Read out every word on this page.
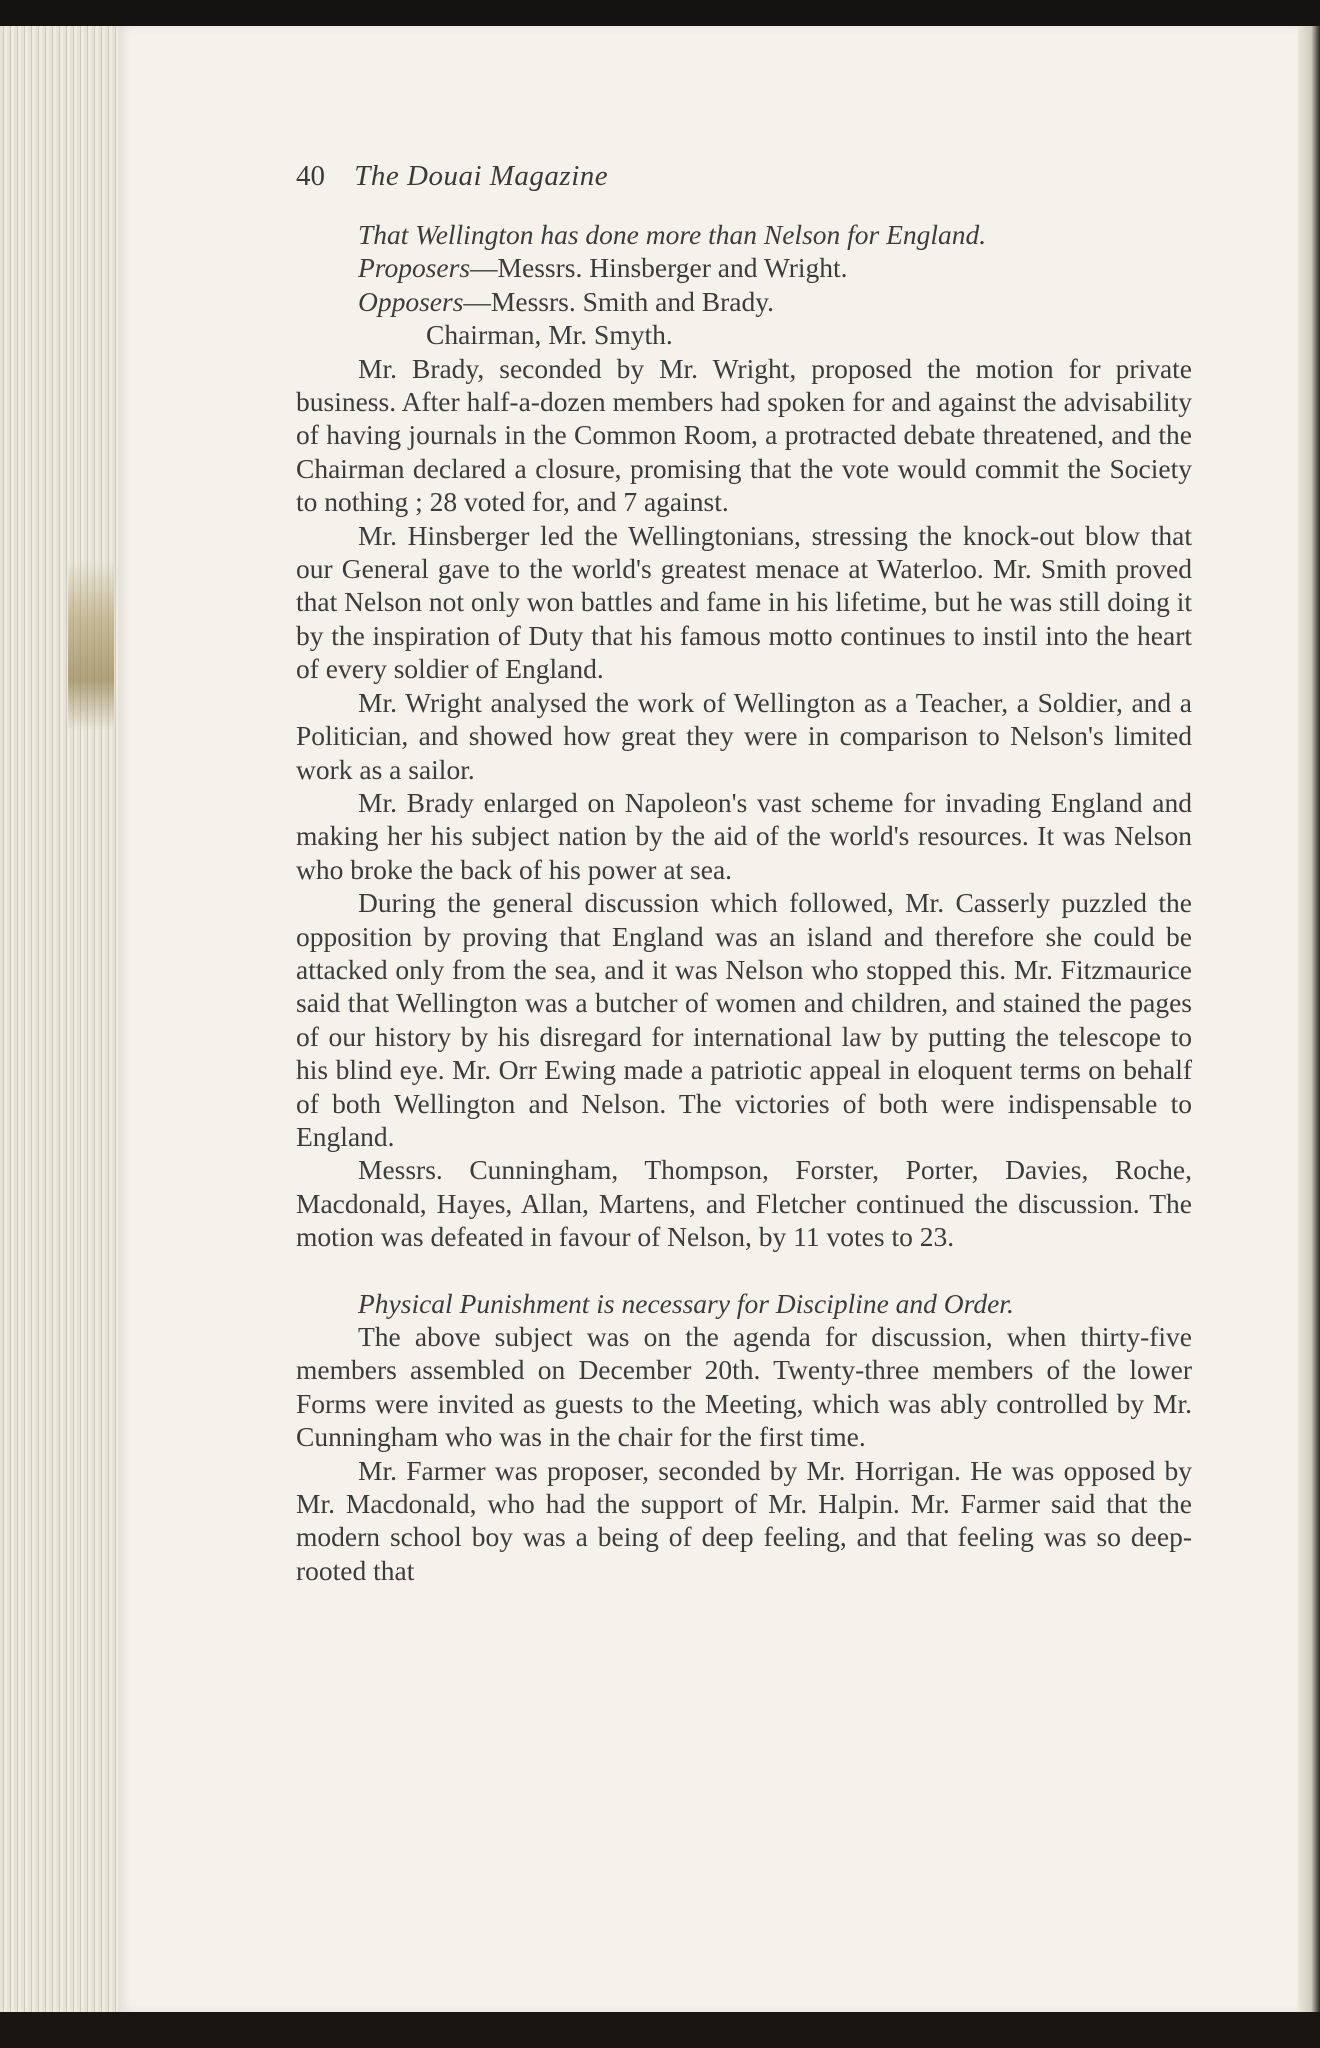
40 The Douai Magazine
That Wellington has done more than Nelson for England.
Proposers—Messrs. Hinsberger and Wright.
Opposers—Messrs. Smith and Brady.
Chairman, Mr. Smyth.

Mr. Brady, seconded by Mr. Wright, proposed the motion for private business. After half-a-dozen members had spoken for and against the advisability of having journals in the Common Room, a protracted debate threatened, and the Chairman declared a closure, promising that the vote would commit the Society to nothing ; 28 voted for, and 7 against.

Mr. Hinsberger led the Wellingtonians, stressing the knock-out blow that our General gave to the world's greatest menace at Waterloo. Mr. Smith proved that Nelson not only won battles and fame in his lifetime, but he was still doing it by the inspiration of Duty that his famous motto continues to instil into the heart of every soldier of England.

Mr. Wright analysed the work of Wellington as a Teacher, a Soldier, and a Politician, and showed how great they were in comparison to Nelson's limited work as a sailor.

Mr. Brady enlarged on Napoleon's vast scheme for invading England and making her his subject nation by the aid of the world's resources. It was Nelson who broke the back of his power at sea.

During the general discussion which followed, Mr. Casserly puzzled the opposition by proving that England was an island and therefore she could be attacked only from the sea, and it was Nelson who stopped this. Mr. Fitzmaurice said that Wellington was a butcher of women and children, and stained the pages of our history by his disregard for international law by putting the telescope to his blind eye. Mr. Orr Ewing made a patriotic appeal in eloquent terms on behalf of both Wellington and Nelson. The victories of both were indispensable to England.

Messrs. Cunningham, Thompson, Forster, Porter, Davies, Roche, Macdonald, Hayes, Allan, Martens, and Fletcher continued the discussion. The motion was defeated in favour of Nelson, by 11 votes to 23.

Physical Punishment is necessary for Discipline and Order.

The above subject was on the agenda for discussion, when thirty-five members assembled on December 20th. Twenty-three members of the lower Forms were invited as guests to the Meeting, which was ably controlled by Mr. Cunningham who was in the chair for the first time.

Mr. Farmer was proposer, seconded by Mr. Horrigan. He was opposed by Mr. Macdonald, who had the support of Mr. Halpin. Mr. Farmer said that the modern school boy was a being of deep feeling, and that feeling was so deep-rooted that
